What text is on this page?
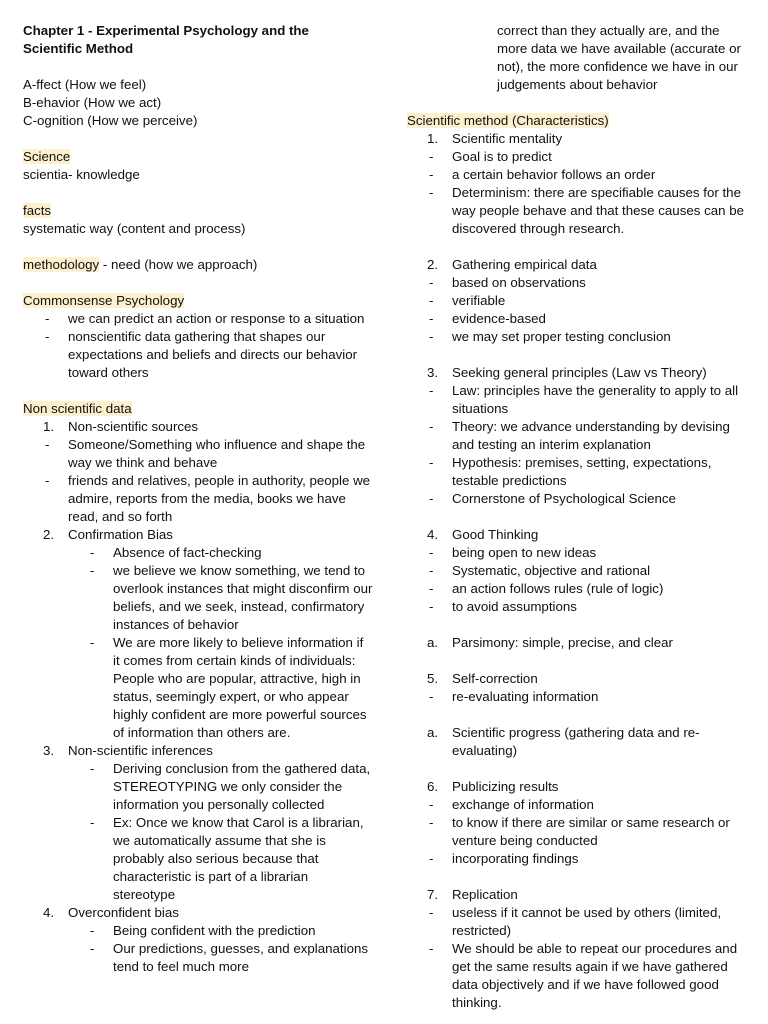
Chapter 1 - Experimental Psychology and the
Scientific Method
A-ffect (How we feel)
B-ehavior (How we act)
C-ognition (How we perceive)
Science
scientia- knowledge
facts
systematic way (content and process)
methodology - need (how we approach)
Commonsense Psychology
- we can predict an action or response to a situation
- nonscientific data gathering that shapes our expectations and beliefs and directs our behavior toward others
Non scientific data
1. Non-scientific sources
- Someone/Something who influence and shape the way we think and behave
- friends and relatives, people in authority, people we admire, reports from the media, books we have read, and so forth
2. Confirmation Bias
- Absence of fact-checking
- we believe we know something, we tend to overlook instances that might disconfirm our beliefs, and we seek, instead, confirmatory instances of behavior
- We are more likely to believe information if it comes from certain kinds of individuals: People who are popular, attractive, high in status, seemingly expert, or who appear highly confident are more powerful sources of information than others are.
3. Non-scientific inferences
- Deriving conclusion from the gathered data, STEREOTYPING we only consider the information you personally collected
- Ex: Once we know that Carol is a librarian, we automatically assume that she is probably also serious because that characteristic is part of a librarian stereotype
4. Overconfident bias
- Being confident with the prediction
- Our predictions, guesses, and explanations tend to feel much more
correct than they actually are, and the more data we have available (accurate or not), the more confidence we have in our judgements about behavior
Scientific method (Characteristics)
1. Scientific mentality
- Goal is to predict
- a certain behavior follows an order
- Determinism: there are specifiable causes for the way people behave and that these causes can be discovered through research.
2. Gathering empirical data
- based on observations
- verifiable
- evidence-based
- we may set proper testing conclusion
3. Seeking general principles (Law vs Theory)
- Law: principles have the generality to apply to all situations
- Theory: we advance understanding by devising and testing an interim explanation
- Hypothesis: premises, setting, expectations, testable predictions
- Cornerstone of Psychological Science
4. Good Thinking
- being open to new ideas
- Systematic, objective and rational
- an action follows rules (rule of logic)
- to avoid assumptions
a. Parsimony: simple, precise, and clear
5. Self-correction
- re-evaluating information
a. Scientific progress (gathering data and re-evaluating)
6. Publicizing results
- exchange of information
- to know if there are similar or same research or venture being conducted
- incorporating findings
7. Replication
- useless if it cannot be used by others (limited, restricted)
- We should be able to repeat our procedures and get the same results again if we have gathered data objectively and if we have followed good thinking.
